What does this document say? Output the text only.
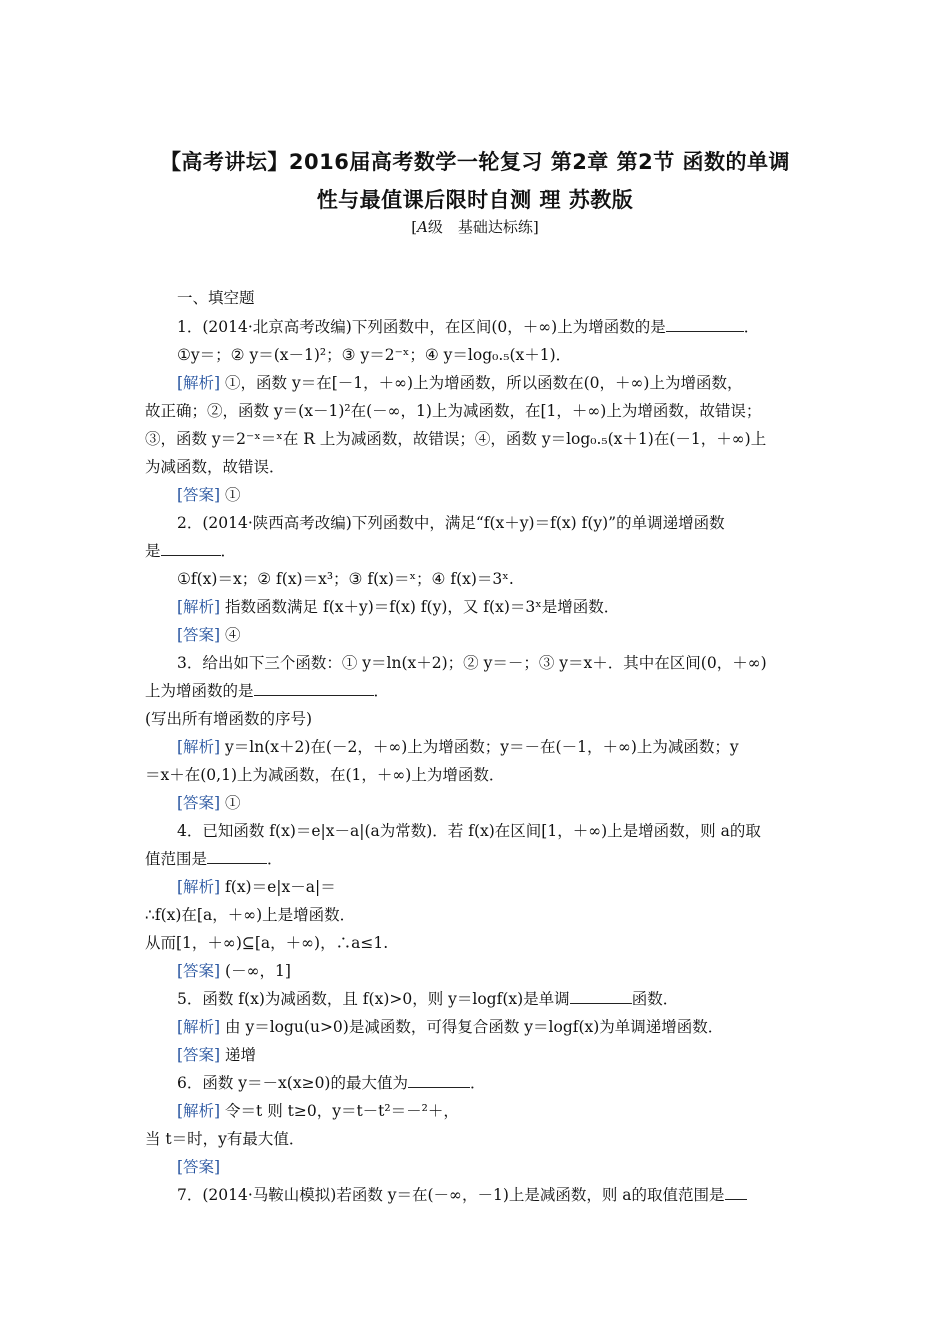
【高考讲坛】2016届高考数学一轮复习 第2章 第2节 函数的单调
性与最值课后限时自测 理 苏教版
[A级　基础达标练]
一、填空题
1．(2014·北京高考改编)下列函数中，在区间(0，＋∞)上为增函数的是	．
①y＝；② y＝(x－1)²；③ y＝2⁻ˣ；④ y＝log₀.₅(x＋1)．
[解析] ①，函数 y＝在[－1，＋∞)上为增函数，所以函数在(0，＋∞)上为增函数，
故正确；②，函数 y＝(x－1)²在(－∞，1)上为减函数，在[1，＋∞)上为增函数，故错误；
③，函数 y＝2⁻ˣ＝ˣ在 R 上为减函数，故错误；④，函数 y＝log₀.₅(x＋1)在(－1，＋∞)上
为减函数，故错误．
[答案] ①
2．(2014·陕西高考改编)下列函数中，满足“f(x＋y)＝f(x) f(y)”的单调递增函数
是	．
①f(x)＝x；② f(x)＝x³；③ f(x)＝ˣ；④ f(x)＝3ˣ.
[解析] 指数函数满足 f(x＋y)＝f(x) f(y)，又 f(x)＝3ˣ是增函数．
[答案] ④
3．给出如下三个函数：① y＝ln(x＋2)；② y＝－；③ y＝x＋．其中在区间(0，＋∞)
上为增函数的是	．
(写出所有增函数的序号)
[解析] y＝ln(x＋2)在(－2，＋∞)上为增函数；y＝－在(－1，＋∞)上为减函数；y
＝x＋在(0,1)上为减函数，在(1，＋∞)上为增函数．
[答案] ①
4．已知函数 f(x)＝e|x－a|(a为常数)．若 f(x)在区间[1，＋∞)上是增函数，则 a的取
值范围是	．
[解析] f(x)＝e|x－a|＝
∴f(x)在[a，＋∞)上是增函数．
从而[1，＋∞)⊆[a，＋∞)，∴a≤1.
[答案] (－∞，1]
5．函数 f(x)为减函数，且 f(x)>0，则 y＝logf(x)是单调	函数．
[解析] 由 y＝logu(u>0)是减函数，可得复合函数 y＝logf(x)为单调递增函数．
[答案] 递增
6．函数 y＝－x(x≥0)的最大值为	．
[解析] 令＝t 则 t≥0，y＝t－t²＝－²＋，
当 t＝时，y有最大值．
[答案]
7．(2014·马鞍山模拟)若函数 y＝在(－∞，－1)上是减函数，则 a的取值范围是
